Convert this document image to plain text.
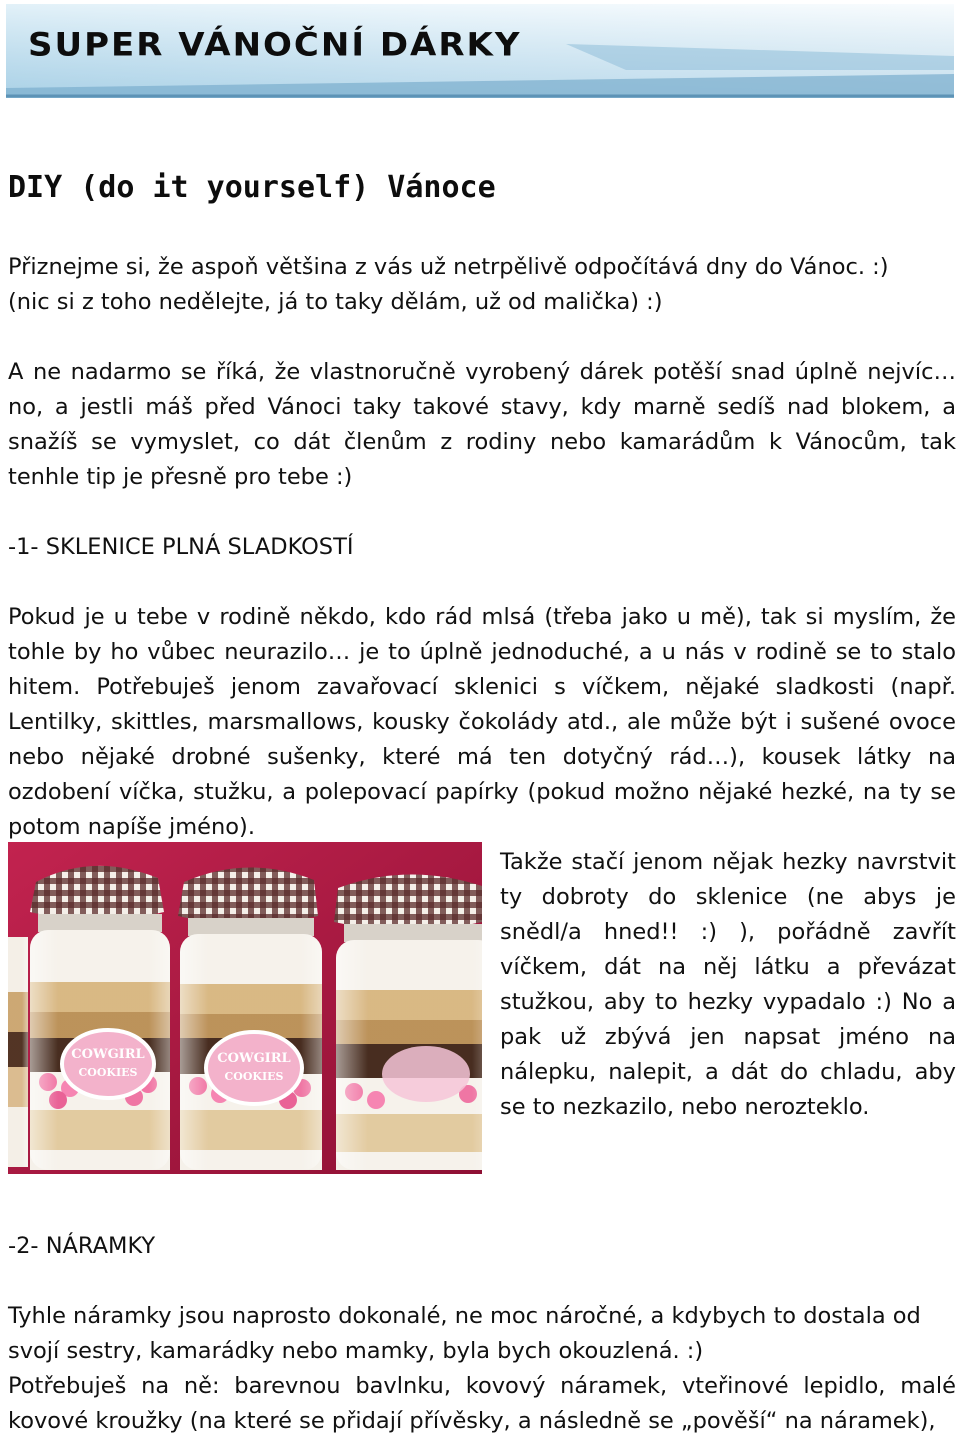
SUPER VÁNOČNÍ DÁRKY
DIY (do it yourself) Vánoce

Přiznejme si, že aspoň většina z vás už netrpělivě odpočítává dny do Vánoc. :)
(nic si z toho nedělejte, já to taky dělám, už od malička) :)

A ne nadarmo se říká, že vlastnoručně vyrobený dárek potěší snad úplně nejvíc… no, a jestli máš před Vánoci taky takové stavy, kdy marně sedíš nad blokem, a snažíš se vymyslet, co dát členům z rodiny nebo kamarádům k Vánocům, tak tenhle tip je přesně pro tebe :)

-1- SKLENICE PLNÁ SLADKOSTÍ

Pokud je u tebe v rodině někdo, kdo rád mlsá (třeba jako u mě), tak si myslím, že tohle by ho vůbec neurazilo… je to úplně jednoduché, a u nás v rodině se to stalo hitem. Potřebuješ jenom zavařovací sklenici s víčkem, nějaké sladkosti (např. Lentilky, skittles, marsmallows, kousky čokolády atd., ale může být i sušené ovoce nebo nějaké drobné sušenky, které má ten dotyčný rád…), kousek látky na ozdobení víčka, stužku, a polepovací papírky (pokud možno nějaké hezké, na ty se potom napíše jméno).

COWGIRL
COOKIES
COWGIRL
COOKIES

Takže stačí jenom nějak hezky navrstvit ty dobroty do sklenice (ne abys je snědl/a hned!! :) ), pořádně zavřít víčkem, dát na něj látku a převázat stužkou, aby to hezky vypadalo :) No a pak už zbývá jen napsat jméno na nálepku, nalepit, a dát do chladu, aby se to nezkazilo, nebo nerozteklo.

-2- NÁRAMKY

Tyhle náramky jsou naprosto dokonalé, ne moc náročné, a kdybych to dostala od
svojí sestry, kamarádky nebo mamky, byla bych okouzlená. :)

Potřebuješ na ně: barevnou bavlnku, kovový náramek, vteřinové lepidlo, malé kovové kroužky (na které se přidají přívěsky, a následně se „pověší“ na náramek),
